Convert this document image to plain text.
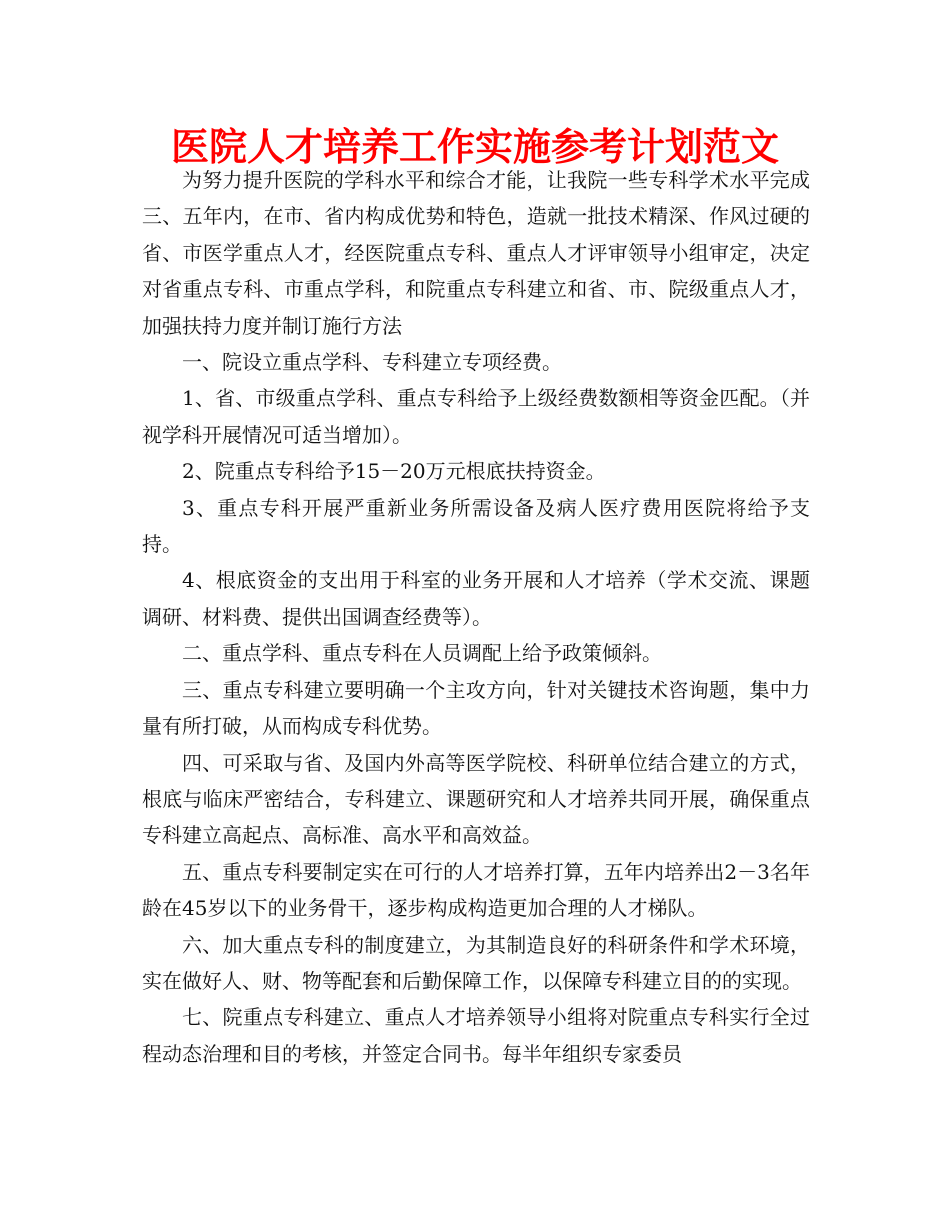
医院人才培养工作实施参考计划范文

为努力提升医院的学科水平和综合才能，让我院一些专科学术水平完成三、五年内，在市、省内构成优势和特色，造就一批技术精深、作风过硬的省、市医学重点人才，经医院重点专科、重点人才评审领导小组审定，决定对省重点专科、市重点学科，和院重点专科建立和省、市、院级重点人才，加强扶持力度并制订施行方法

一、院设立重点学科、专科建立专项经费。

1、省、市级重点学科、重点专科给予上级经费数额相等资金匹配。（并视学科开展情况可适当增加）。

2、院重点专科给予15－20万元根底扶持资金。

3、重点专科开展严重新业务所需设备及病人医疗费用医院将给予支持。

4、根底资金的支出用于科室的业务开展和人才培养（学术交流、课题调研、材料费、提供出国调查经费等）。

二、重点学科、重点专科在人员调配上给予政策倾斜。

三、重点专科建立要明确一个主攻方向，针对关键技术咨询题，集中力量有所打破，从而构成专科优势。

四、可采取与省、及国内外高等医学院校、科研单位结合建立的方式，根底与临床严密结合，专科建立、课题研究和人才培养共同开展，确保重点专科建立高起点、高标准、高水平和高效益。

五、重点专科要制定实在可行的人才培养打算，五年内培养出2－3名年龄在45岁以下的业务骨干，逐步构成构造更加合理的人才梯队。

六、加大重点专科的制度建立，为其制造良好的科研条件和学术环境，实在做好人、财、物等配套和后勤保障工作，以保障专科建立目的的实现。

七、院重点专科建立、重点人才培养领导小组将对院重点专科实行全过程动态治理和目的考核，并签定合同书。每半年组织专家委员
